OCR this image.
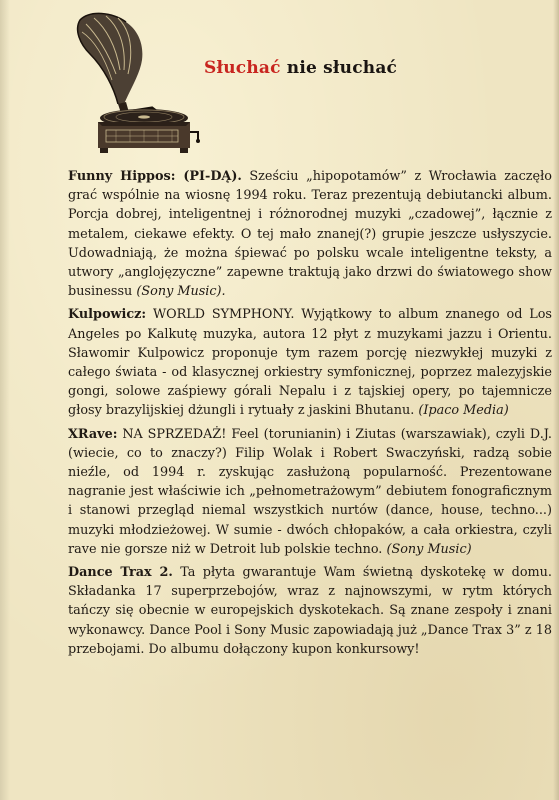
Słuchać nie słuchać

Funny Hippos: (PI-DĄ). Sześciu „hipopotamów” z Wrocławia zaczęło grać wspólnie na wiosnę 1994 roku. Teraz prezentują debiutancki album. Porcja dobrej, inteligentnej i różnorodnej muzyki „czadowej”, łącznie z metalem, ciekawe efekty. O tej mało znanej(?) grupie jeszcze usłyszycie. Udowadniają, że można śpiewać po polsku wcale inteligentne teksty, a utwory „anglojęzyczne” zapewne traktują jako drzwi do światowego show businessu (Sony Music).

Kulpowicz: WORLD SYMPHONY. Wyjątkowy to album znanego od Los Angeles po Kalkutę muzyka, autora 12 płyt z muzykami jazzu i Orientu. Sławomir Kulpowicz proponuje tym razem porcję niezwykłej muzyki z całego świata - od klasycznej orkiestry symfonicznej, poprzez malezyjskie gongi, solowe zaśpiewy górali Nepalu i z tajskiej opery, po tajemnicze głosy brazylijskiej dżungli i rytuały z jaskini Bhutanu. (Ipaco Media)

XRave: NA SPRZEDAŻ! Feel (torunianin) i Ziutas (warszawiak), czyli D.J. (wiecie, co to znaczy?) Filip Wolak i Robert Swaczyński, radzą sobie nieźle, od 1994 r. zyskując zasłużoną popularność. Prezentowane nagranie jest właściwie ich „pełnometrażowym” debiutem fonograficznym i stanowi przegląd niemal wszystkich nurtów (dance, house, techno...) muzyki młodzieżowej. W sumie - dwóch chłopaków, a cała orkiestra, czyli rave nie gorsze niż w Detroit lub polskie techno. (Sony Music)

Dance Trax 2. Ta płyta gwarantuje Wam świetną dyskotekę w domu. Składanka 17 superprzebojów, wraz z najnowszymi, w rytm których tańczy się obecnie w europejskich dyskotekach. Są znane zespoły i znani wykonawcy. Dance Pool i Sony Music zapowiadają już „Dance Trax 3” z 18 przebojami. Do albumu dołączony kupon konkursowy!
